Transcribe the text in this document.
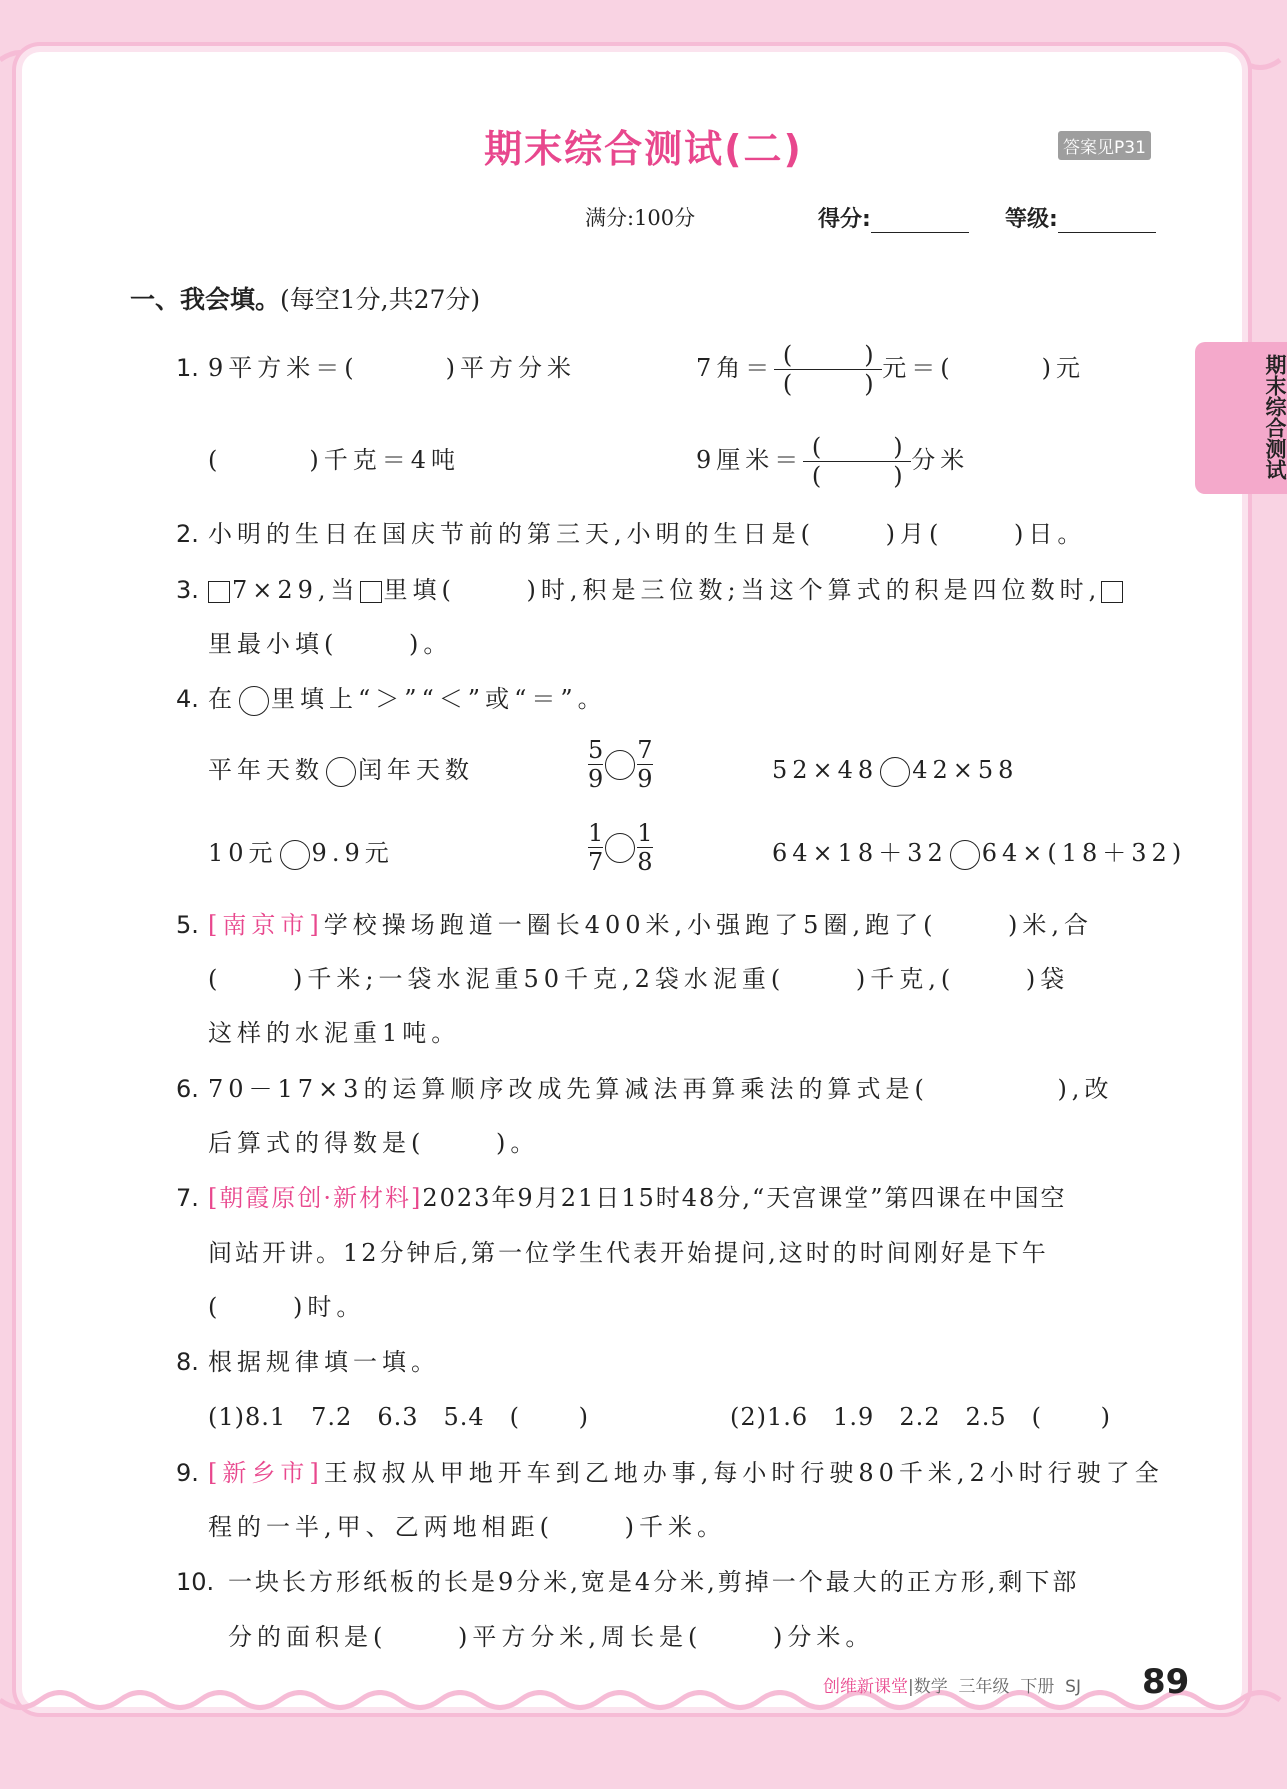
期末综合测试(二)	答案见P31
满分:100分	得分:	等级:
期末综合测试
一、我会填。(每空1分,共27分)
1. 9平方米＝(　　　)平方分米	7角＝ $\frac{( )}{( )}$ 元＝(　　　)元
(　　　)千克＝4吨	9厘米＝ $\frac{( )}{( )}$ 分米
2. 小明的生日在国庆节前的第三天,小明的生日是(　　 )月(　　 )日。
3.	7×29,当 里填(　　 )时,积是三位数;当这个算式的积是四位数时,
里最小填(　　 )。
4. 在 里填上“＞”“＜”或“＝”。
平年天数 闰年天数	$\frac{5}{9} \frac{7}{9}$	52×48 42×58
10元 9.9元	$\frac{1}{7} \frac{1}{8}$	64×18＋32 64×(18＋32)
5. [南京市]学校操场跑道一圈长400米,小强跑了5圈,跑了(　　 )米,合
(　　 )千米;一袋水泥重50千克,2袋水泥重(　　 )千克,(　　 )袋
这样的水泥重1吨。
6. 70－17×3的运算顺序改成先算减法再算乘法的算式是(　　　　 ),改
后算式的得数是(　　 )。
7. [朝霞原创·新材料]2023年9月21日15时48分,“天宫课堂”第四课在中国空
间站开讲。12分钟后,第一位学生代表开始提问,这时的时间刚好是下午
(　　 )时。
8. 根据规律填一填。
(1)8.1　7.2　6.3　5.4　(　　 )	(2)1.6　1.9　2.2　2.5　(　　 )
9. [新乡市]王叔叔从甲地开车到乙地办事,每小时行驶80千米,2小时行驶了全
程的一半,甲、乙两地相距(　　 )千米。
10. 一块长方形纸板的长是9分米,宽是4分米,剪掉一个最大的正方形,剩下部
分的面积是(　　 )平方分米,周长是(　　 )分米。
创维新课堂|数学  三年级  下册  SJ 89
